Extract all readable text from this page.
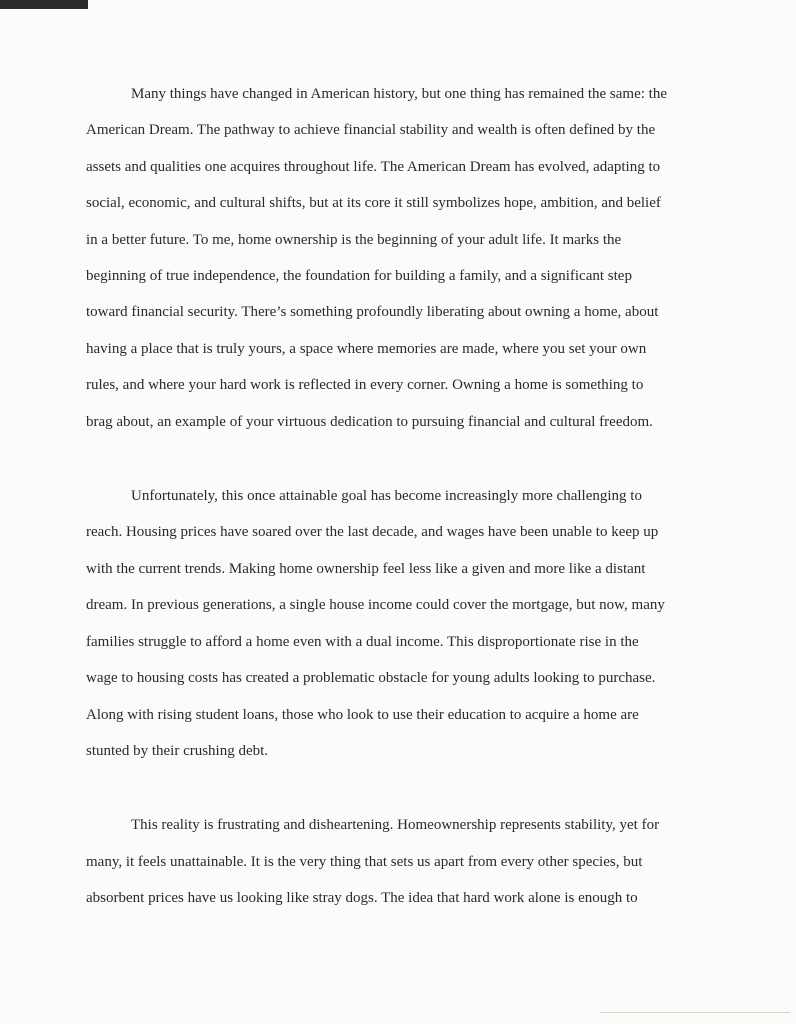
Many things have changed in American history, but one thing has remained the same: the
American Dream. The pathway to achieve financial stability and wealth is often defined by the
assets and qualities one acquires throughout life. The American Dream has evolved, adapting to
social, economic, and cultural shifts, but at its core it still symbolizes hope, ambition, and belief
in a better future. To me, home ownership is the beginning of your adult life. It marks the
beginning of true independence, the foundation for building a family, and a significant step
toward financial security. There’s something profoundly liberating about owning a home, about
having a place that is truly yours, a space where memories are made, where you set your own
rules, and where your hard work is reflected in every corner. Owning a home is something to
brag about, an example of your virtuous dedication to pursuing financial and cultural freedom.

Unfortunately, this once attainable goal has become increasingly more challenging to
reach. Housing prices have soared over the last decade, and wages have been unable to keep up
with the current trends. Making home ownership feel less like a given and more like a distant
dream. In previous generations, a single house income could cover the mortgage, but now, many
families struggle to afford a home even with a dual income. This disproportionate rise in the
wage to housing costs has created a problematic obstacle for young adults looking to purchase.
Along with rising student loans, those who look to use their education to acquire a home are
stunted by their crushing debt.

This reality is frustrating and disheartening. Homeownership represents stability, yet for
many, it feels unattainable. It is the very thing that sets us apart from every other species, but
absorbent prices have us looking like stray dogs. The idea that hard work alone is enough to
